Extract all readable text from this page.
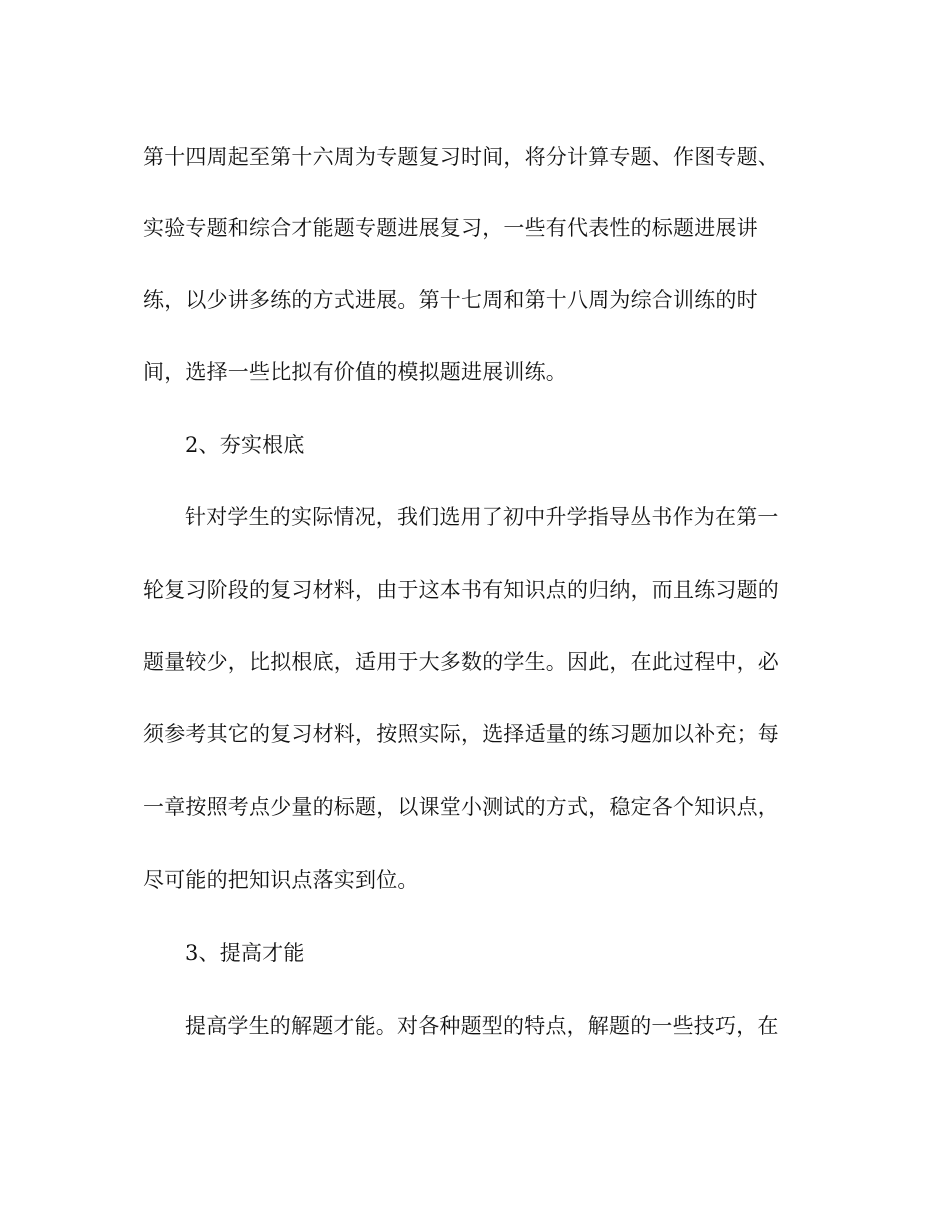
第十四周起至第十六周为专题复习时间，将分计算专题、作图专题、
实验专题和综合才能题专题进展复习，一些有代表性的标题进展讲
练，以少讲多练的方式进展。第十七周和第十八周为综合训练的时
间，选择一些比拟有价值的模拟题进展训练。
2、夯实根底
针对学生的实际情况，我们选用了初中升学指导丛书作为在第一
轮复习阶段的复习材料，由于这本书有知识点的归纳，而且练习题的
题量较少，比拟根底，适用于大多数的学生。因此，在此过程中，必
须参考其它的复习材料，按照实际，选择适量的练习题加以补充；每
一章按照考点少量的标题，以课堂小测试的方式，稳定各个知识点，
尽可能的把知识点落实到位。
3、提高才能
提高学生的解题才能。对各种题型的特点，解题的一些技巧，在
